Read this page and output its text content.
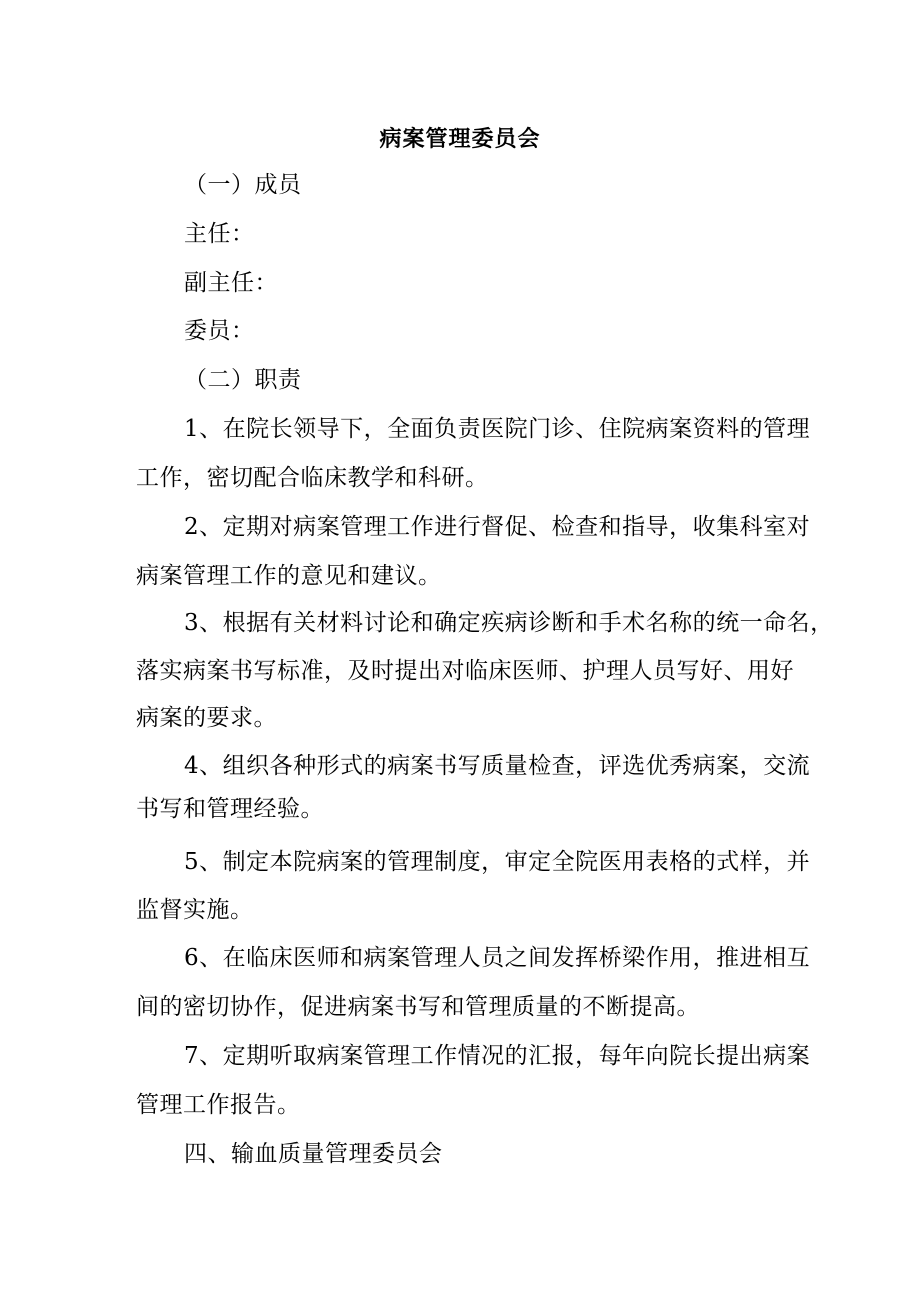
病案管理委员会
（一）成员
主任：
副主任：
委员：
（二）职责
1、在院长领导下，全面负责医院门诊、住院病案资料的管理
工作，密切配合临床教学和科研。
2、定期对病案管理工作进行督促、检查和指导，收集科室对
病案管理工作的意见和建议。
3、根据有关材料讨论和确定疾病诊断和手术名称的统一命名，
落实病案书写标准，及时提出对临床医师、护理人员写好、用好
病案的要求。
4、组织各种形式的病案书写质量检查，评选优秀病案，交流
书写和管理经验。
5、制定本院病案的管理制度，审定全院医用表格的式样，并
监督实施。
6、在临床医师和病案管理人员之间发挥桥梁作用，推进相互
间的密切协作，促进病案书写和管理质量的不断提高。
7、定期听取病案管理工作情况的汇报，每年向院长提出病案
管理工作报告。
四、输血质量管理委员会
